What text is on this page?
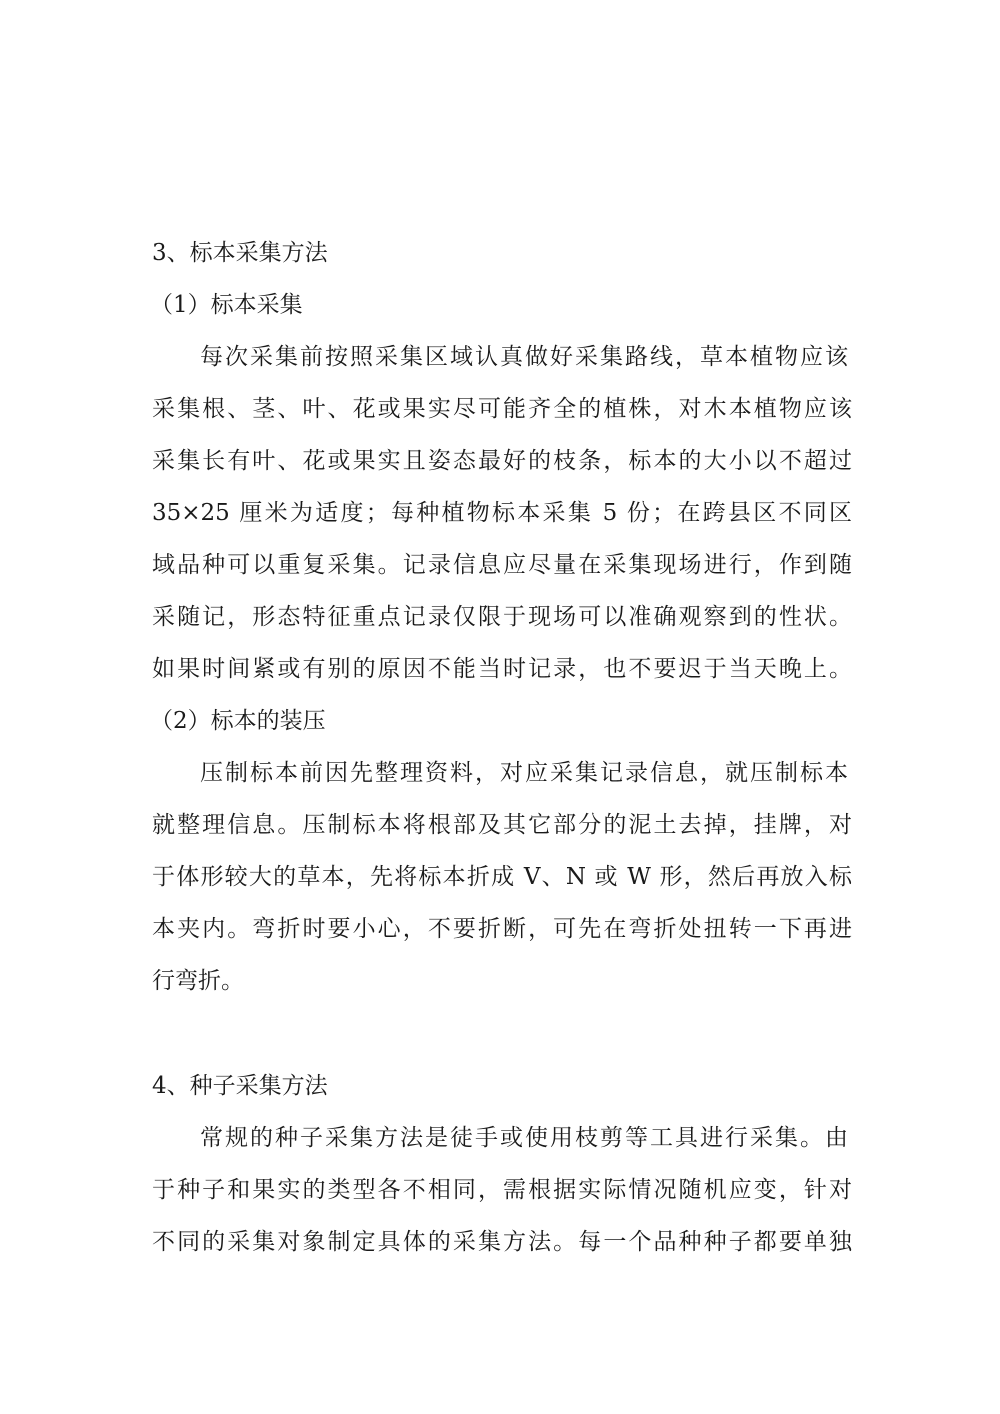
3、标本采集方法
（1）标本采集
每次采集前按照采集区域认真做好采集路线，草本植物应该
采集根、茎、叶、花或果实尽可能齐全的植株，对木本植物应该
采集长有叶、花或果实且姿态最好的枝条，标本的大小以不超过
35×25 厘米为适度；每种植物标本采集 5 份；在跨县区不同区
域品种可以重复采集。记录信息应尽量在采集现场进行，作到随
采随记，形态特征重点记录仅限于现场可以准确观察到的性状。
如果时间紧或有别的原因不能当时记录，也不要迟于当天晚上。
（2）标本的装压
压制标本前因先整理资料，对应采集记录信息，就压制标本
就整理信息。压制标本将根部及其它部分的泥土去掉，挂牌，对
于体形较大的草本，先将标本折成 V、N 或 W 形，然后再放入标
本夹内。弯折时要小心，不要折断，可先在弯折处扭转一下再进
行弯折。
4、种子采集方法
常规的种子采集方法是徒手或使用枝剪等工具进行采集。由
于种子和果实的类型各不相同，需根据实际情况随机应变，针对
不同的采集对象制定具体的采集方法。每一个品种种子都要单独
